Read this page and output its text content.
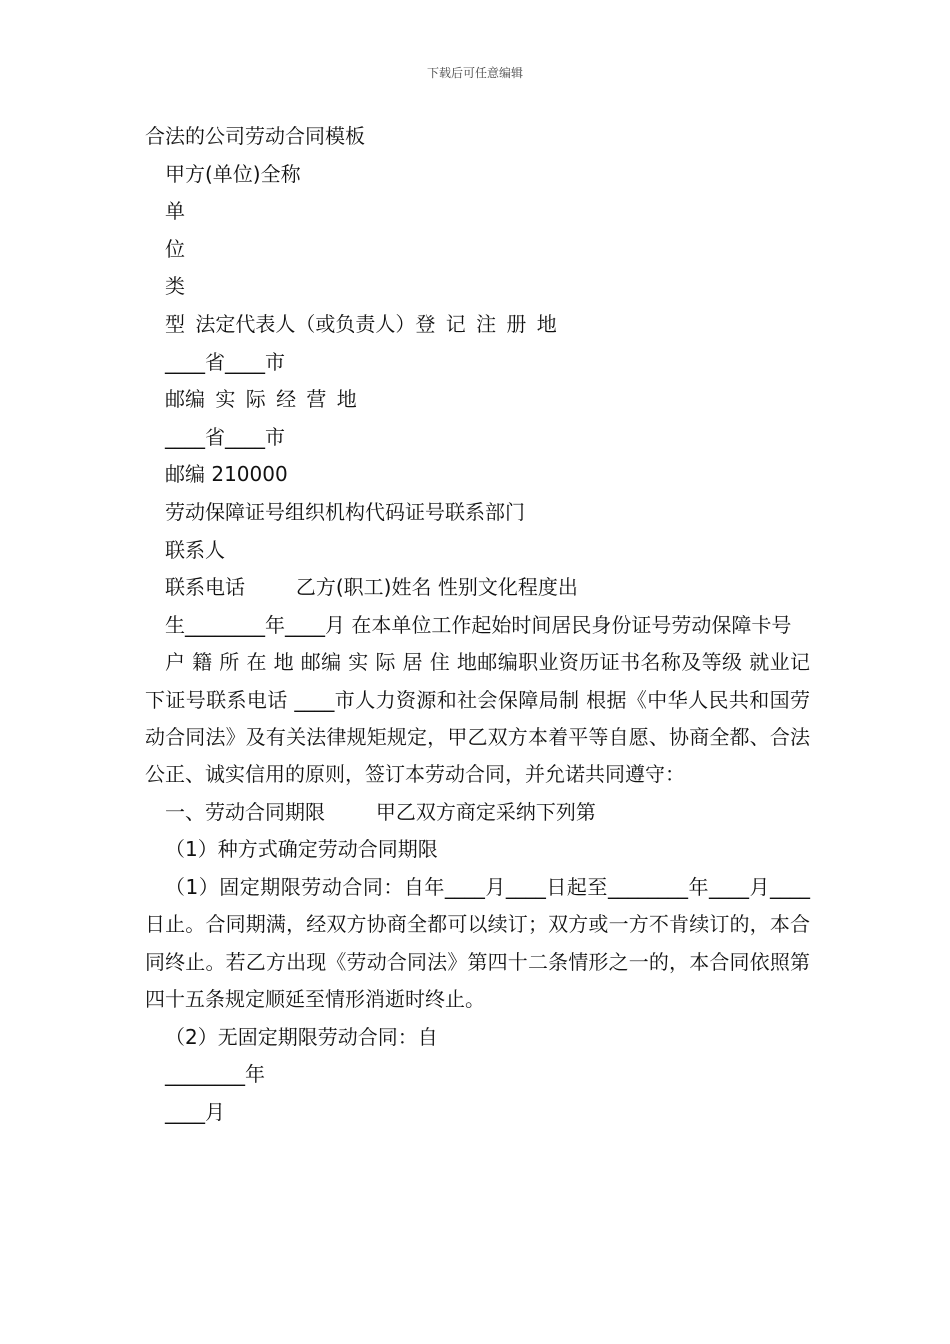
下载后可任意编辑

合法的公司劳动合同模板

甲方(单位)全称

单

位

类

型 法定代表人（或负责人）登 记 注 册 地

____省____市

邮编 实 际 经 营 地

____省____市

邮编 210000

劳动保障证号组织机构代码证号联系部门

联系人

联系电话        乙方(职工)姓名 性别文化程度出

生________年____月 在本单位工作起始时间居民身份证号劳动保障卡号

户 籍 所 在 地 邮编 实 际 居 住 地邮编职业资历证书名称及等级 就业记下证号联系电话 ____市人力资源和社会保障局制 根据《中华人民共和国劳动合同法》及有关法律规矩规定，甲乙双方本着平等自愿、协商全都、合法公正、诚实信用的原则，签订本劳动合同，并允诺共同遵守：

一、劳动合同期限        甲乙双方商定采纳下列第

（1）种方式确定劳动合同期限

（1）固定期限劳动合同：自年____月____日起至________年____月____日止。合同期满，经双方协商全都可以续订；双方或一方不肯续订的，本合同终止。若乙方出现《劳动合同法》第四十二条情形之一的，本合同依照第四十五条规定顺延至情形消逝时终止。

（2）无固定期限劳动合同：自

________年

____月
